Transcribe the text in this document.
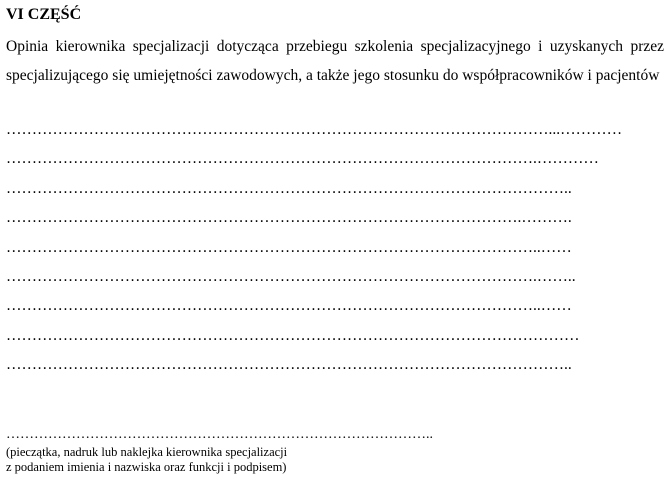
VI CZĘŚĆ

Opinia kierownika specjalizacji dotycząca przebiegu szkolenia specjalizacyjnego i uzyskanych przez specjalizującego się umiejętności zawodowych, a także jego stosunku do współpracowników i pacjentów

……………………………………………………………………………………………...…………
………………………………………………………………………………………….…………
………………………………………………………………………………………………..
……………………………………………………………………………………….……….
…………………………………………………………………………………………..……
………………………………………………………………………………………….……..
…………………………………………………………………………………………..……
…………………………………………………………………………………………………
………………………………………………………………………………………………..
………………………………………………………………………………..

(pieczątka, nadruk lub naklejka kierownika specjalizacji

z podaniem imienia i nazwiska oraz funkcji i podpisem)
